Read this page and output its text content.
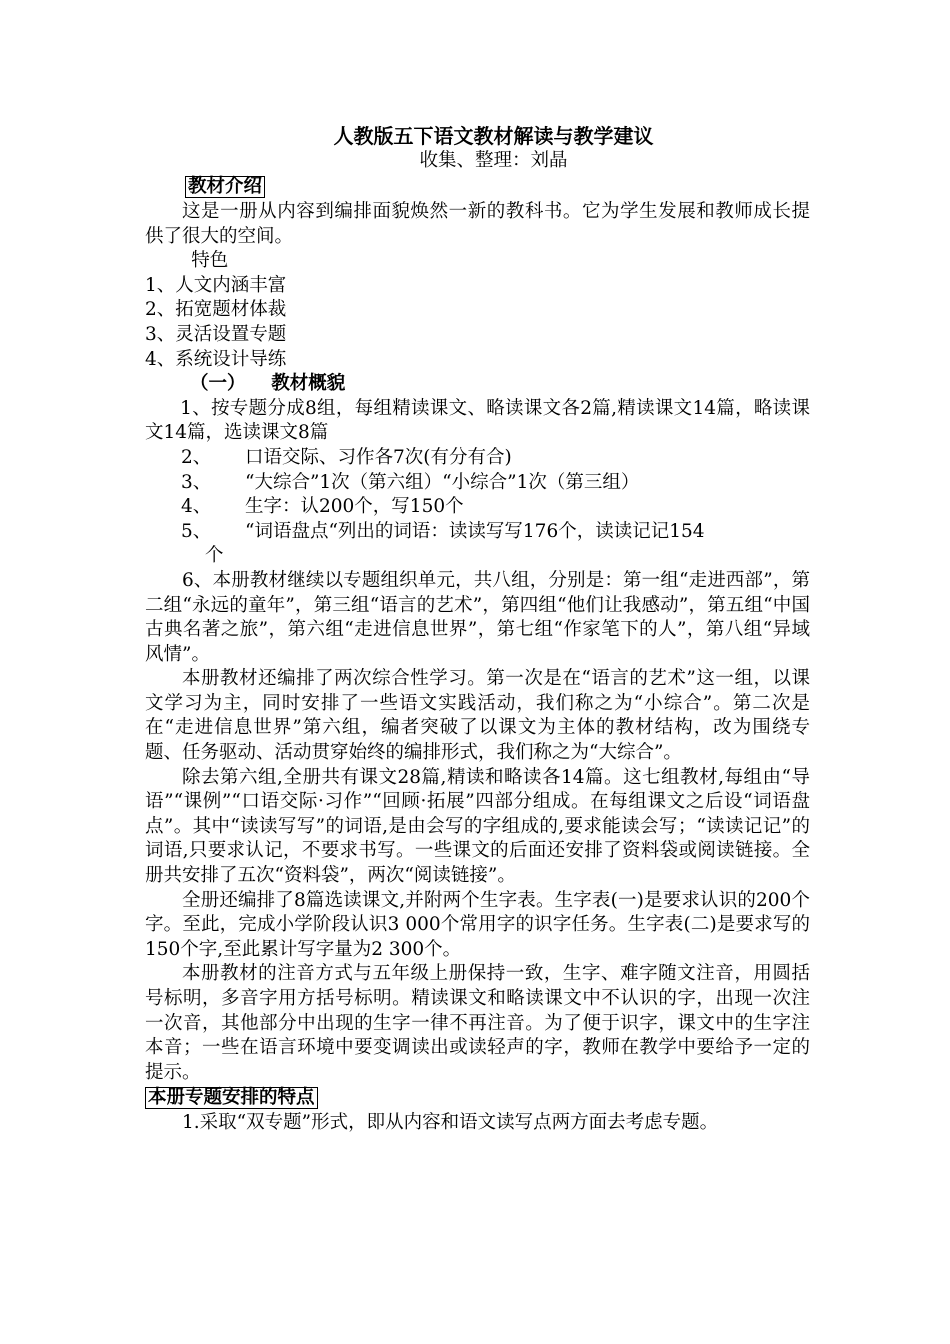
人教版五下语文教材解读与教学建议
收集、整理：刘晶
教材介绍

这是一册从内容到编排面貌焕然一新的教科书。它为学生发展和教师成长提供了很大的空间。

特色

1、人文内涵丰富
2、拓宽题材体裁
3、灵活设置专题
4、系统设计导练
（一）    教材概貌

1、按专题分成8组，每组精读课文、略读课文各2篇,精读课文14篇，略读课文14篇，选读课文8篇

2、	口语交际、习作各7次(有分有合)
3、	“大综合”1次（第六组）“小综合”1次（第三组）
4、	生字：认200个，写150个
5、	“词语盘点“列出的词语：读读写写176个，读读记记154
个

6、本册教材继续以专题组织单元，共八组，分别是：第一组“走进西部”，第二组“永远的童年”，第三组“语言的艺术”，第四组“他们让我感动”，第五组“中国古典名著之旅”，第六组“走进信息世界”，第七组“作家笔下的人”，第八组“异域风情”。

本册教材还编排了两次综合性学习。第一次是在“语言的艺术”这一组，以课文学习为主，同时安排了一些语文实践活动，我们称之为“小综合”。第二次是在“走进信息世界”第六组，编者突破了以课文为主体的教材结构，改为围绕专题、任务驱动、活动贯穿始终的编排形式，我们称之为“大综合”。

除去第六组,全册共有课文28篇,精读和略读各14篇。这七组教材,每组由“导语”“课例”“口语交际·习作”“回顾·拓展”四部分组成。在每组课文之后设“词语盘点”。其中“读读写写”的词语,是由会写的字组成的,要求能读会写；“读读记记”的词语,只要求认记，不要求书写。一些课文的后面还安排了资料袋或阅读链接。全册共安排了五次“资料袋”，两次“阅读链接”。

全册还编排了8篇选读课文,并附两个生字表。生字表(一)是要求认识的200个字。至此，完成小学阶段认识3 000个常用字的识字任务。生字表(二)是要求写的150个字,至此累计写字量为2 300个。

本册教材的注音方式与五年级上册保持一致，生字、难字随文注音，用圆括号标明，多音字用方括号标明。精读课文和略读课文中不认识的字，出现一次注一次音，其他部分中出现的生字一律不再注音。为了便于识字，课文中的生字注本音；一些在语言环境中要变调读出或读轻声的字，教师在教学中要给予一定的提示。

本册专题安排的特点

1.采取“双专题”形式，即从内容和语文读写点两方面去考虑专题。
